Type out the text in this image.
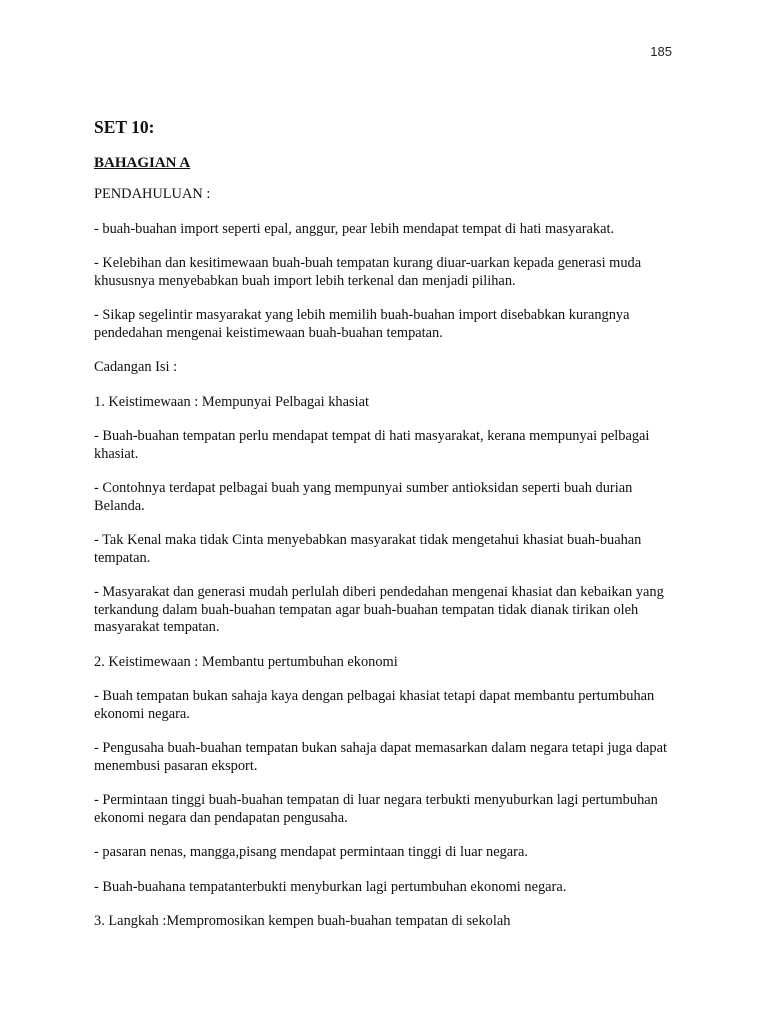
185
SET 10:
BAHAGIAN A
PENDAHULUAN :
- buah-buahan import seperti epal, anggur, pear lebih mendapat tempat di hati masyarakat.
- Kelebihan dan kesitimewaan buah-buah tempatan kurang diuar-uarkan kepada generasi muda khususnya menyebabkan buah import lebih terkenal dan menjadi pilihan.
- Sikap segelintir masyarakat yang lebih memilih buah-buahan import disebabkan kurangnya pendedahan mengenai keistimewaan buah-buahan tempatan.
Cadangan Isi :
1. Keistimewaan : Mempunyai Pelbagai khasiat
- Buah-buahan tempatan perlu mendapat tempat di hati masyarakat, kerana mempunyai pelbagai khasiat.
- Contohnya terdapat pelbagai buah yang mempunyai sumber antioksidan seperti buah durian Belanda.
- Tak Kenal maka tidak Cinta menyebabkan masyarakat tidak mengetahui khasiat buah-buahan tempatan.
- Masyarakat dan generasi mudah perlulah diberi pendedahan mengenai khasiat dan kebaikan yang terkandung dalam buah-buahan tempatan agar buah-buahan tempatan tidak dianak tirikan oleh masyarakat tempatan.
2. Keistimewaan : Membantu pertumbuhan ekonomi
- Buah tempatan bukan sahaja kaya dengan pelbagai khasiat tetapi dapat membantu pertumbuhan ekonomi negara.
- Pengusaha buah-buahan tempatan bukan sahaja dapat memasarkan dalam negara tetapi juga dapat menembusi pasaran eksport.
- Permintaan tinggi buah-buahan tempatan di luar negara terbukti menyuburkan lagi pertumbuhan ekonomi negara dan pendapatan pengusaha.
- pasaran nenas, mangga,pisang mendapat permintaan tinggi di luar negara.
- Buah-buahana tempatanterbukti menyburkan lagi pertumbuhan ekonomi negara.
3. Langkah :Mempromosikan kempen buah-buahan tempatan di sekolah
